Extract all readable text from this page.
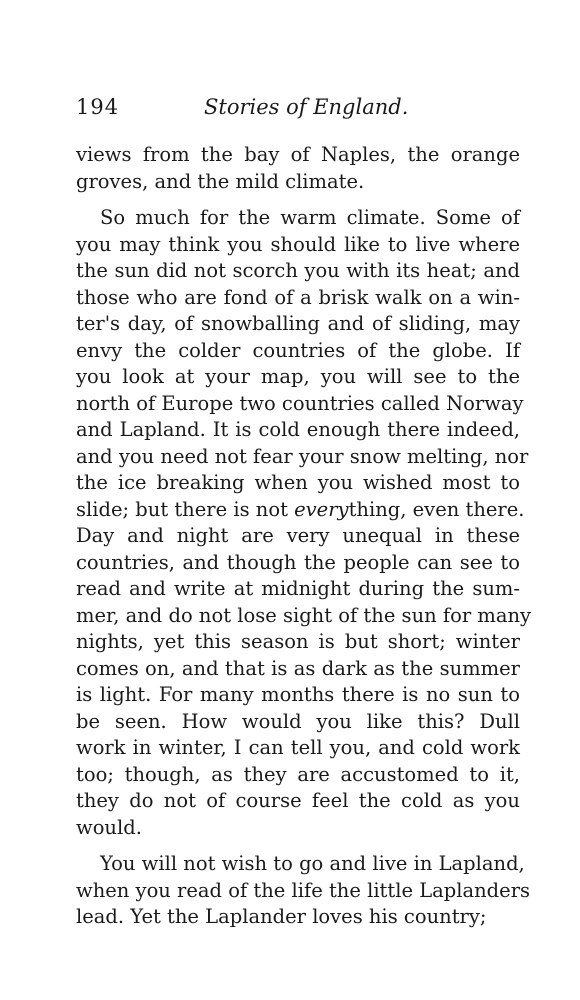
194	Stories of England.
views from the bay of Naples, the orange
groves, and the mild climate.
So much for the warm climate. Some of
you may think you should like to live where
the sun did not scorch you with its heat; and
those who are fond of a brisk walk on a win-
ter's day, of snowballing and of sliding, may
envy the colder countries of the globe. If
you look at your map, you will see to the
north of Europe two countries called Norway
and Lapland. It is cold enough there indeed,
and you need not fear your snow melting, nor
the ice breaking when you wished most to
slide; but there is not everything, even there.
Day and night are very unequal in these
countries, and though the people can see to
read and write at midnight during the sum-
mer, and do not lose sight of the sun for many
nights, yet this season is but short; winter
comes on, and that is as dark as the summer
is light. For many months there is no sun to
be seen. How would you like this? Dull
work in winter, I can tell you, and cold work
too; though, as they are accustomed to it,
they do not of course feel the cold as you
would.
You will not wish to go and live in Lapland,
when you read of the life the little Laplanders
lead. Yet the Laplander loves his country;
